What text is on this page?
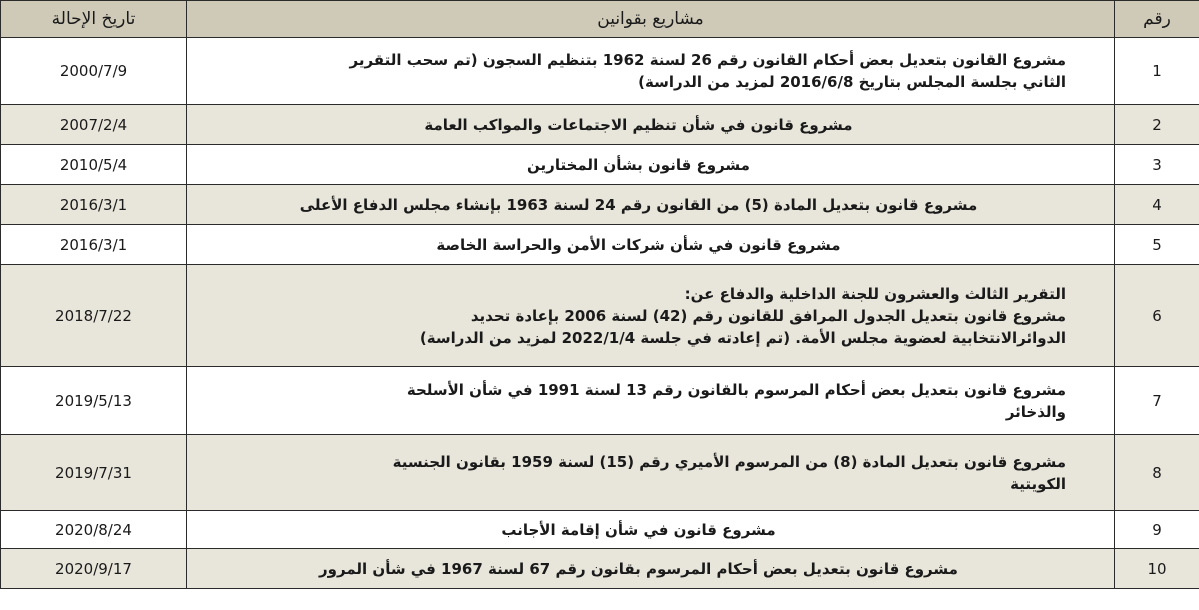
رقم	مشاريع بقوانين	تاريخ الإحالة
1	مشروع القانون بتعديل بعض أحكام القانون رقم 26 لسنة 1962 بتنظيم السجون (تم سحب التقرير
الثاني بجلسة المجلس بتاريخ 2016/6/8 لمزيد من الدراسة)	2000/7/9
2	مشروع قانون في شأن تنظيم الاجتماعات والمواكب العامة	2007/2/4
3	مشروع قانون بشأن المختارين	2010/5/4
4	مشروع قانون بتعديل المادة (5) من القانون رقم 24 لسنة 1963 بإنشاء مجلس الدفاع الأعلى	2016/3/1
5	مشروع قانون في شأن شركات الأمن والحراسة الخاصة	2016/3/1
6	التقرير الثالث والعشرون للجنة الداخلية والدفاع عن:
مشروع قانون بتعديل الجدول المرافق للقانون رقم (42) لسنة 2006 بإعادة تحديد
الدوائرالانتخابية لعضوية مجلس الأمة. (تم إعادته في جلسة 2022/1/4 لمزيد من الدراسة)	2018/7/22
7	مشروع قانون بتعديل بعض أحكام المرسوم بالقانون رقم 13 لسنة 1991 في شأن الأسلحة
والذخائر	2019/5/13
8	مشروع قانون بتعديل المادة (8) من المرسوم الأميري رقم (15) لسنة 1959 بقانون الجنسية
الكويتية	2019/7/31
9	مشروع قانون في شأن إقامة الأجانب	2020/8/24
10	مشروع قانون بتعديل بعض أحكام المرسوم بقانون رقم 67 لسنة 1967 في شأن المرور	2020/9/17
